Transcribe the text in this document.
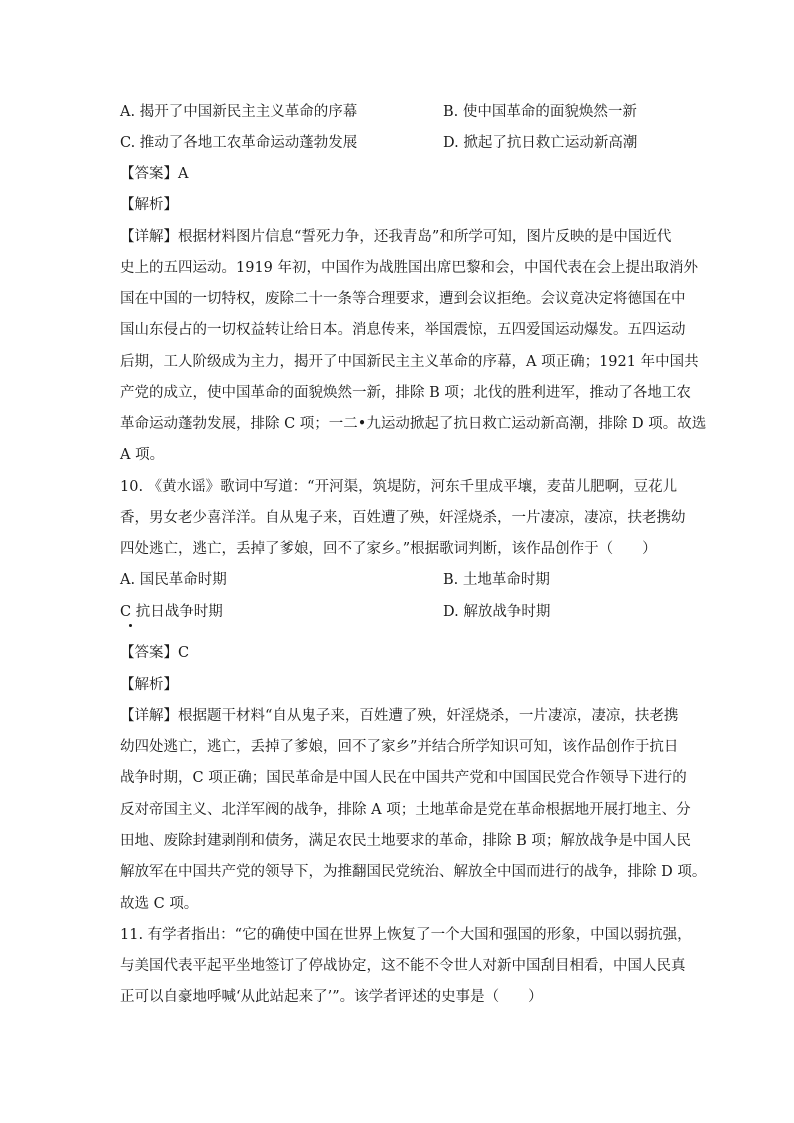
A. 揭开了中国新民主主义革命的序幕	B. 使中国革命的面貌焕然一新
C. 推动了各地工农革命运动蓬勃发展	D. 掀起了抗日救亡运动新高潮
【答案】A
【解析】
【详解】根据材料图片信息“誓死力争，还我青岛”和所学可知，图片反映的是中国近代
史上的五四运动。1919 年初，中国作为战胜国出席巴黎和会，中国代表在会上提出取消外
国在中国的一切特权，废除二十一条等合理要求，遭到会议拒绝。会议竟决定将德国在中
国山东侵占的一切权益转让给日本。消息传来，举国震惊，五四爱国运动爆发。五四运动
后期，工人阶级成为主力，揭开了中国新民主主义革命的序幕，A 项正确；1921 年中国共
产党的成立，使中国革命的面貌焕然一新，排除 B 项；北伐的胜利进军，推动了各地工农
革命运动蓬勃发展，排除 C 项；一二•九运动掀起了抗日救亡运动新高潮，排除 D 项。故选
A 项。
10. 《黄水谣》歌词中写道：“开河渠，筑堤防，河东千里成平壤，麦苗儿肥啊，豆花儿
香，男女老少喜洋洋。自从鬼子来，百姓遭了殃，奸淫烧杀，一片凄凉，凄凉，扶老携幼
四处逃亡，逃亡，丢掉了爹娘，回不了家乡。”根据歌词判断，该作品创作于（　　）
A. 国民革命时期	B. 土地革命时期
C 抗日战争时期	D. 解放战争时期
【答案】C
【解析】
【详解】根据题干材料“自从鬼子来，百姓遭了殃，奸淫烧杀，一片凄凉，凄凉，扶老携
幼四处逃亡，逃亡，丢掉了爹娘，回不了家乡”并结合所学知识可知，该作品创作于抗日
战争时期，C 项正确；国民革命是中国人民在中国共产党和中国国民党合作领导下进行的
反对帝国主义、北洋军阀的战争，排除 A 项；土地革命是党在革命根据地开展打地主、分
田地、废除封建剥削和债务，满足农民土地要求的革命，排除 B 项；解放战争是中国人民
解放军在中国共产党的领导下，为推翻国民党统治、解放全中国而进行的战争，排除 D 项。
故选 C 项。
11. 有学者指出：“它的确使中国在世界上恢复了一个大国和强国的形象，中国以弱抗强，
与美国代表平起平坐地签订了停战协定，这不能不令世人对新中国刮目相看，中国人民真
正可以自豪地呼喊‘从此站起来了’”。该学者评述的史事是（　　）
